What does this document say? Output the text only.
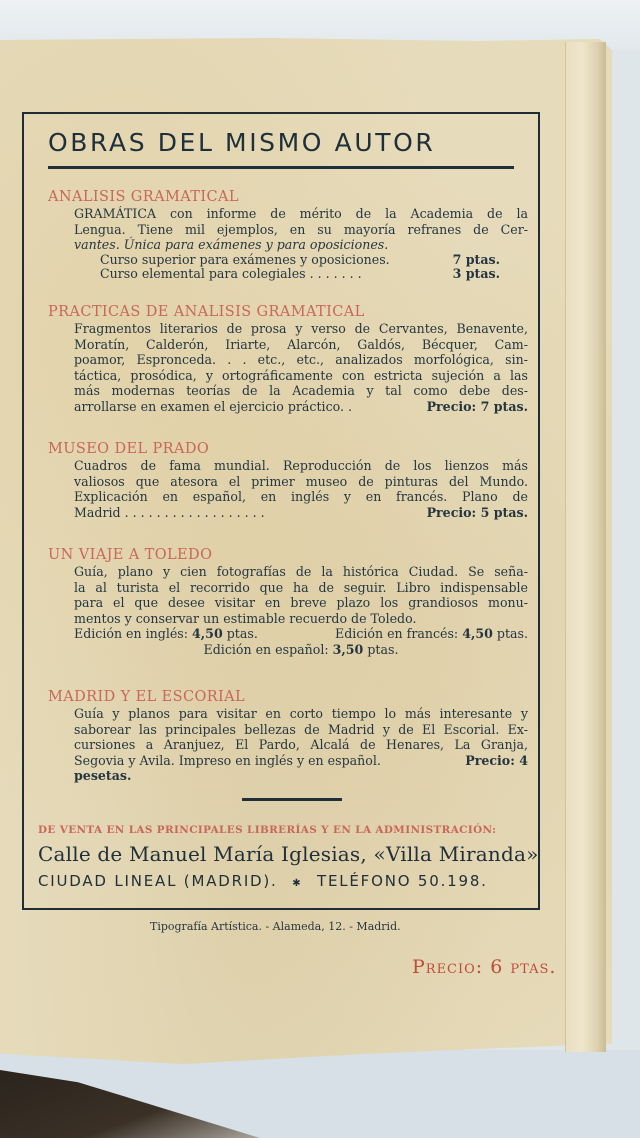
OBRAS DEL MISMO AUTOR
ANALISIS GRAMATICAL
GRAMÁTICA con informe de mérito de la Academia de la
Lengua. Tiene mil ejemplos, en su mayoría refranes de Cer-
vantes. Única para exámenes y para oposiciones.
Curso superior para exámenes y oposiciones.	7 ptas.
Curso elemental para colegiales . . . . . . .	3 ptas.
PRACTICAS DE ANALISIS GRAMATICAL
Fragmentos literarios de prosa y verso de Cervantes, Benavente,
Moratín, Calderón, Iriarte, Alarcón, Galdós, Bécquer, Cam-
poamor, Espronceda. . . etc., etc., analizados morfológica, sin-
táctica, prosódica, y ortográficamente con estricta sujeción a las
más modernas teorías de la Academia y tal como debe des-
arrollarse en examen el ejercicio práctico. .	Precio: 7 ptas.
MUSEO DEL PRADO
Cuadros de fama mundial. Reproducción de los lienzos más
valiosos que atesora el primer museo de pinturas del Mundo.
Explicación en español, en inglés y en francés. Plano de
Madrid . . . . . . . . . . . . . . . . . .	Precio: 5 ptas.
UN VIAJE A TOLEDO
Guía, plano y cien fotografías de la histórica Ciudad. Se seña-
la al turista el recorrido que ha de seguir. Libro indispensable
para el que desee visitar en breve plazo los grandiosos monu-
mentos y conservar un estimable recuerdo de Toledo.
Edición en inglés: 4,50 ptas.	Edición en francés: 4,50 ptas.
Edición en español: 3,50 ptas.
MADRID Y EL ESCORIAL
Guía y planos para visitar en corto tiempo lo más interesante y
saborear las principales bellezas de Madrid y de El Escorial. Ex-
cursiones a Aranjuez, El Pardo, Alcalá de Henares, La Granja,
Segovia y Avila. Impreso en inglés y en español.	Precio: 4
pesetas.
DE VENTA EN LAS PRINCIPALES LIBRERÍAS Y EN LA ADMINISTRACIÓN:
Calle de Manuel María Iglesias, «Villa Miranda»
CIUDAD LINEAL (MADRID). ✱ TELÉFONO 50.198.
Tipografía Artística. - Alameda, 12. - Madrid.
Precio: 6 ptas.
